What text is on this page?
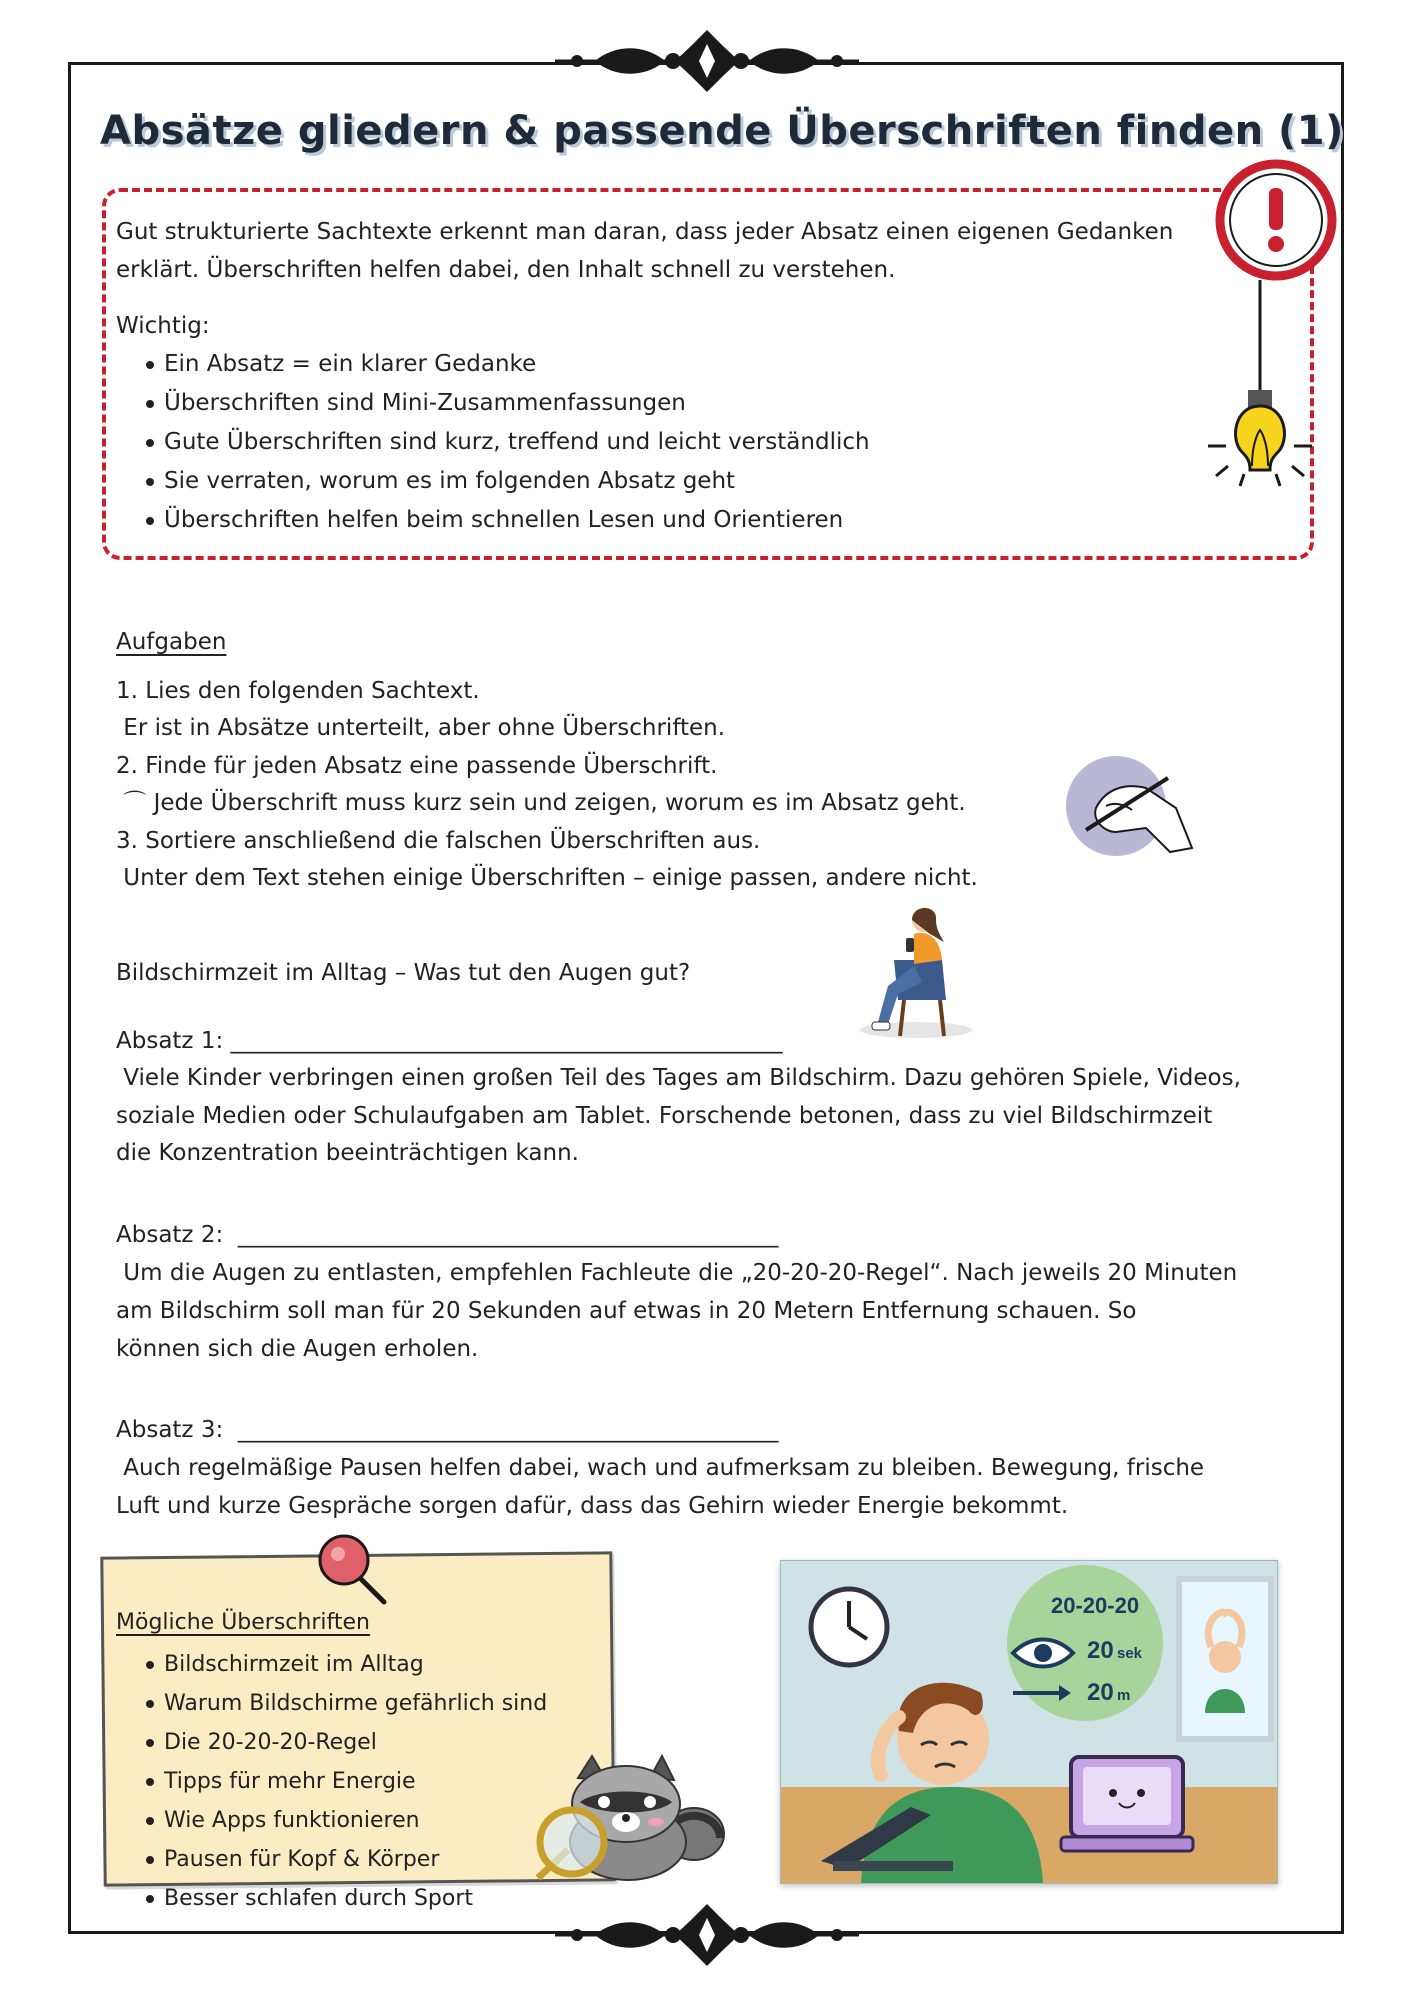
Absätze gliedern & passende Überschriften finden (1)
Gut strukturierte Sachtexte erkennt man daran, dass jeder Absatz einen eigenen Gedanken
erklärt. Überschriften helfen dabei, den Inhalt schnell zu verstehen.
Wichtig:
Ein Absatz = ein klarer Gedanke
Überschriften sind Mini-Zusammenfassungen
Gute Überschriften sind kurz, treffend und leicht verständlich
Sie verraten, worum es im folgenden Absatz geht
Überschriften helfen beim schnellen Lesen und Orientieren
Aufgaben
1. Lies den folgenden Sachtext.
Er ist in Absätze unterteilt, aber ohne Überschriften.
2. Finde für jeden Absatz eine passende Überschrift.
⌒ Jede Überschrift muss kurz sein und zeigen, worum es im Absatz geht.
3. Sortiere anschließend die falschen Überschriften aus.
Unter dem Text stehen einige Überschriften – einige passen, andere nicht.
Bildschirmzeit im Alltag – Was tut den Augen gut?
Absatz 1: ________________________________________________
Viele Kinder verbringen einen großen Teil des Tages am Bildschirm. Dazu gehören Spiele, Videos,
soziale Medien oder Schulaufgaben am Tablet. Forschende betonen, dass zu viel Bildschirmzeit
die Konzentration beeinträchtigen kann.
Absatz 2:  _______________________________________________
Um die Augen zu entlasten, empfehlen Fachleute die „20-20-20-Regel“. Nach jeweils 20 Minuten
am Bildschirm soll man für 20 Sekunden auf etwas in 20 Metern Entfernung schauen. So
können sich die Augen erholen.
Absatz 3:  _______________________________________________
Auch regelmäßige Pausen helfen dabei, wach und aufmerksam zu bleiben. Bewegung, frische
Luft und kurze Gespräche sorgen dafür, dass das Gehirn wieder Energie bekommt.
Mögliche Überschriften
Bildschirmzeit im Alltag
Warum Bildschirme gefährlich sind
Die 20-20-20-Regel
Tipps für mehr Energie
Wie Apps funktionieren
Pausen für Kopf & Körper
Besser schlafen durch Sport
20-20-20
20 sek
20 m
